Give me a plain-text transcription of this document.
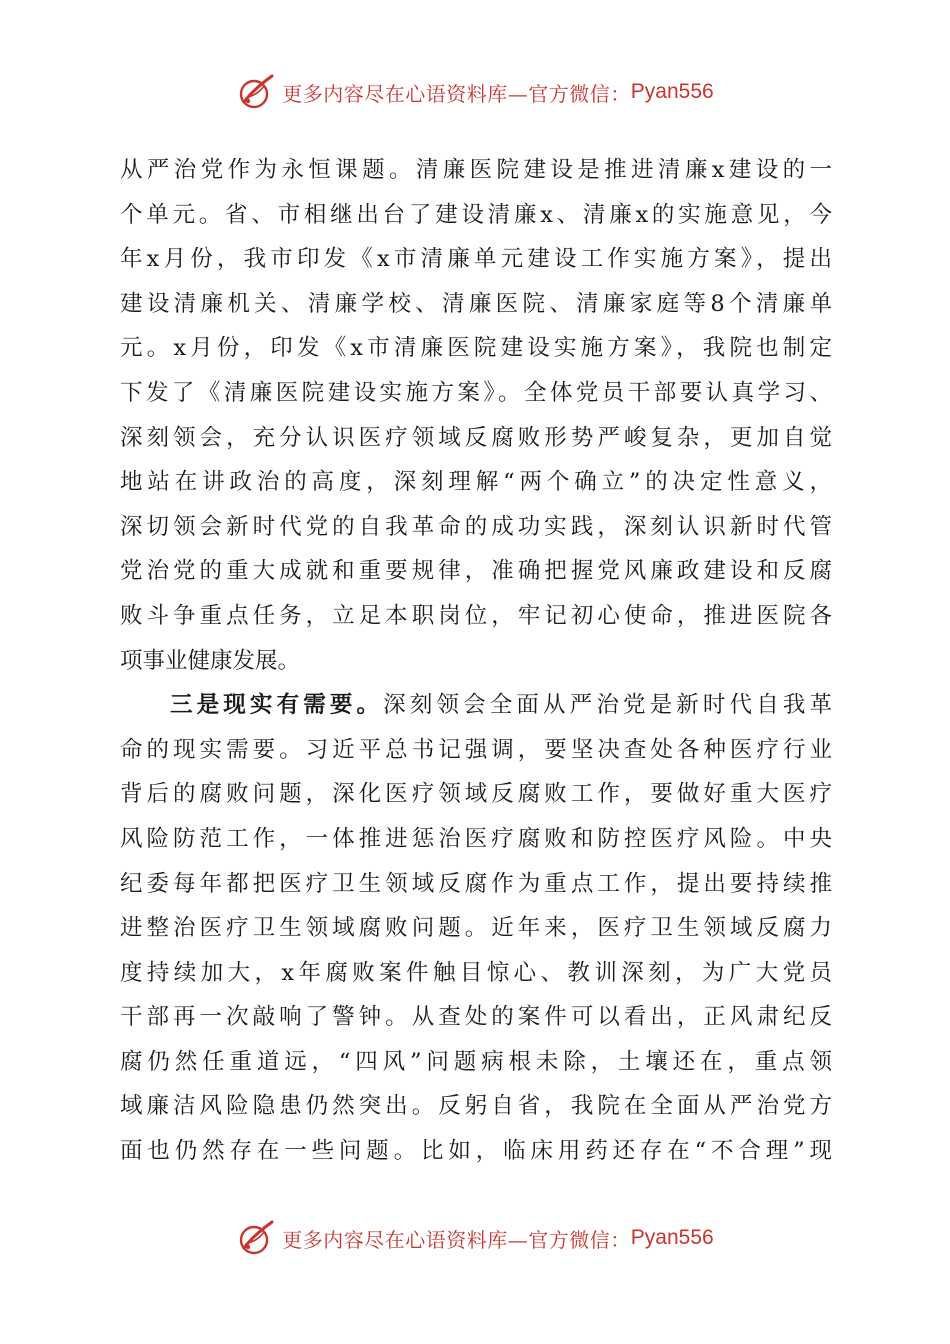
更多内容尽在心语资料库—官方微信： Pyan556
从严治党作为永恒课题。清廉医院建设是推进清廉x建设的一
个单元。省、市相继出台了建设清廉x、清廉x的实施意见，今
年x月份，我市印发《x市清廉单元建设工作实施方案》，提出
建设清廉机关、清廉学校、清廉医院、清廉家庭等8个清廉单
元。x月份，印发《x市清廉医院建设实施方案》，我院也制定
下发了《清廉医院建设实施方案》。全体党员干部要认真学习、
深刻领会，充分认识医疗领域反腐败形势严峻复杂，更加自觉
地站在讲政治的高度，深刻理解“两个确立”的决定性意义，
深切领会新时代党的自我革命的成功实践，深刻认识新时代管
党治党的重大成就和重要规律，准确把握党风廉政建设和反腐
败斗争重点任务，立足本职岗位，牢记初心使命，推进医院各
项事业健康发展。
三是现实有需要。深刻领会全面从严治党是新时代自我革
命的现实需要。习近平总书记强调，要坚决查处各种医疗行业
背后的腐败问题，深化医疗领域反腐败工作，要做好重大医疗
风险防范工作，一体推进惩治医疗腐败和防控医疗风险。中央
纪委每年都把医疗卫生领域反腐作为重点工作，提出要持续推
进整治医疗卫生领域腐败问题。近年来，医疗卫生领域反腐力
度持续加大，x年腐败案件触目惊心、教训深刻，为广大党员
干部再一次敲响了警钟。从查处的案件可以看出，正风肃纪反
腐仍然任重道远，“四风”问题病根未除，土壤还在，重点领
域廉洁风险隐患仍然突出。反躬自省，我院在全面从严治党方
面也仍然存在一些问题。比如，临床用药还存在“不合理”现
更多内容尽在心语资料库—官方微信： Pyan556
